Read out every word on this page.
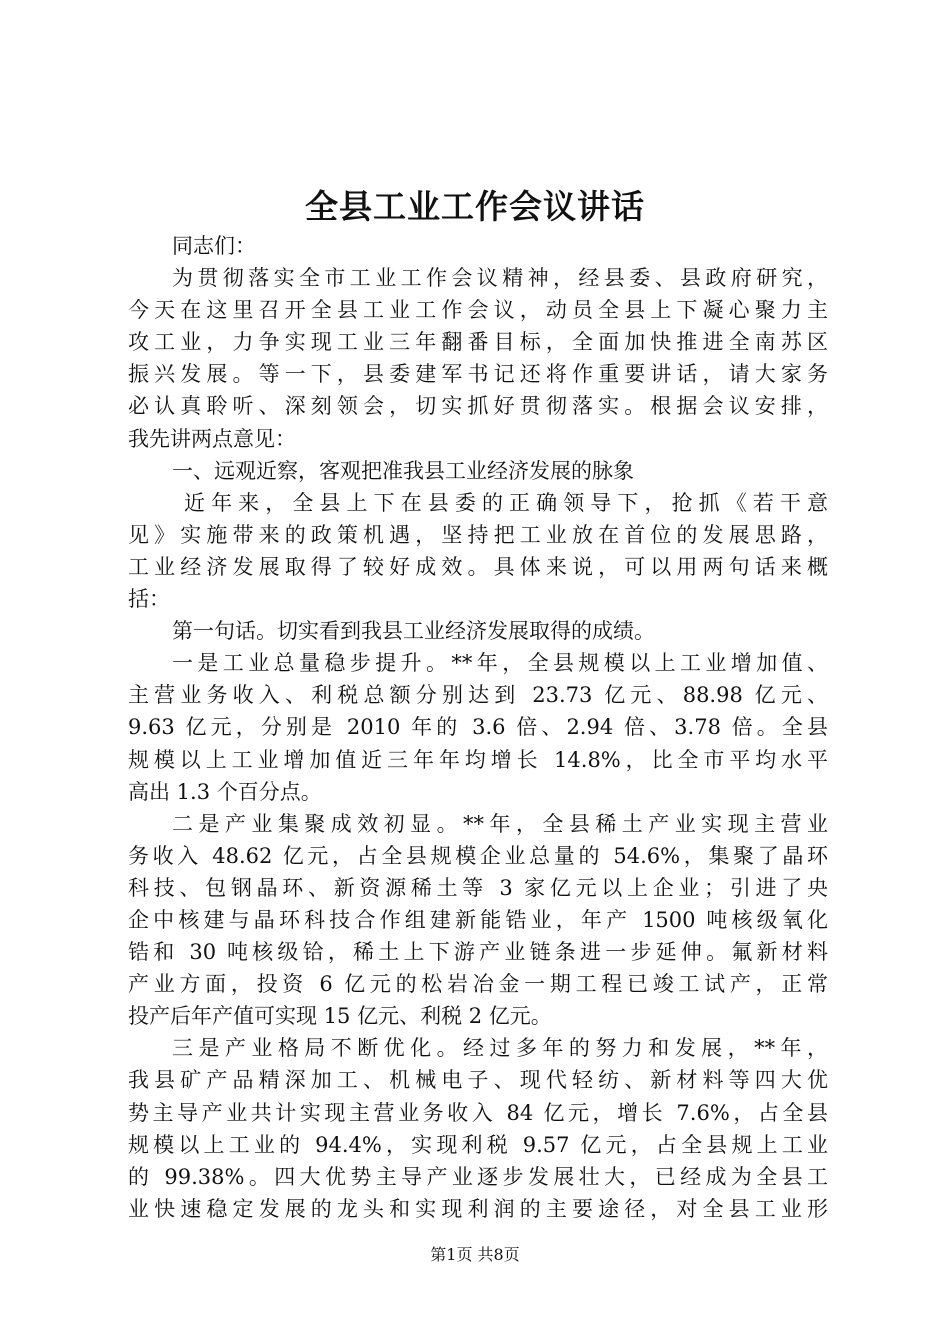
全县工业工作会议讲话
同志们：
为贯彻落实全市工业工作会议精神，经县委、县政府研究，
今天在这里召开全县工业工作会议，动员全县上下凝心聚力主
攻工业，力争实现工业三年翻番目标，全面加快推进全南苏区
振兴发展。等一下，县委建军书记还将作重要讲话，请大家务
必认真聆听、深刻领会，切实抓好贯彻落实。根据会议安排，
我先讲两点意见：
一、远观近察，客观把准我县工业经济发展的脉象
近年来，全县上下在县委的正确领导下，抢抓《若干意
见》实施带来的政策机遇，坚持把工业放在首位的发展思路，
工业经济发展取得了较好成效。具体来说，可以用两句话来概
括：
第一句话。切实看到我县工业经济发展取得的成绩。
一是工业总量稳步提升。**年，全县规模以上工业增加值、
主营业务收入、利税总额分别达到 23.73 亿元、88.98 亿元、
9.63 亿元，分别是 2010 年的 3.6 倍、2.94 倍、3.78 倍。全县
规模以上工业增加值近三年年均增长 14.8%，比全市平均水平
高出 1.3 个百分点。
二是产业集聚成效初显。**年，全县稀土产业实现主营业
务收入 48.62 亿元，占全县规模企业总量的 54.6%，集聚了晶环
科技、包钢晶环、新资源稀土等 3 家亿元以上企业；引进了央
企中核建与晶环科技合作组建新能锆业，年产 1500 吨核级氧化
锆和 30 吨核级铪，稀土上下游产业链条进一步延伸。氟新材料
产业方面，投资 6 亿元的松岩冶金一期工程已竣工试产，正常
投产后年产值可实现 15 亿元、利税 2 亿元。
三是产业格局不断优化。经过多年的努力和发展，**年，
我县矿产品精深加工、机械电子、现代轻纺、新材料等四大优
势主导产业共计实现主营业务收入 84 亿元，增长 7.6%，占全县
规模以上工业的 94.4%，实现利税 9.57 亿元，占全县规上工业
的 99.38%。四大优势主导产业逐步发展壮大，已经成为全县工
业快速稳定发展的龙头和实现利润的主要途径，对全县工业形
第1页 共8页
